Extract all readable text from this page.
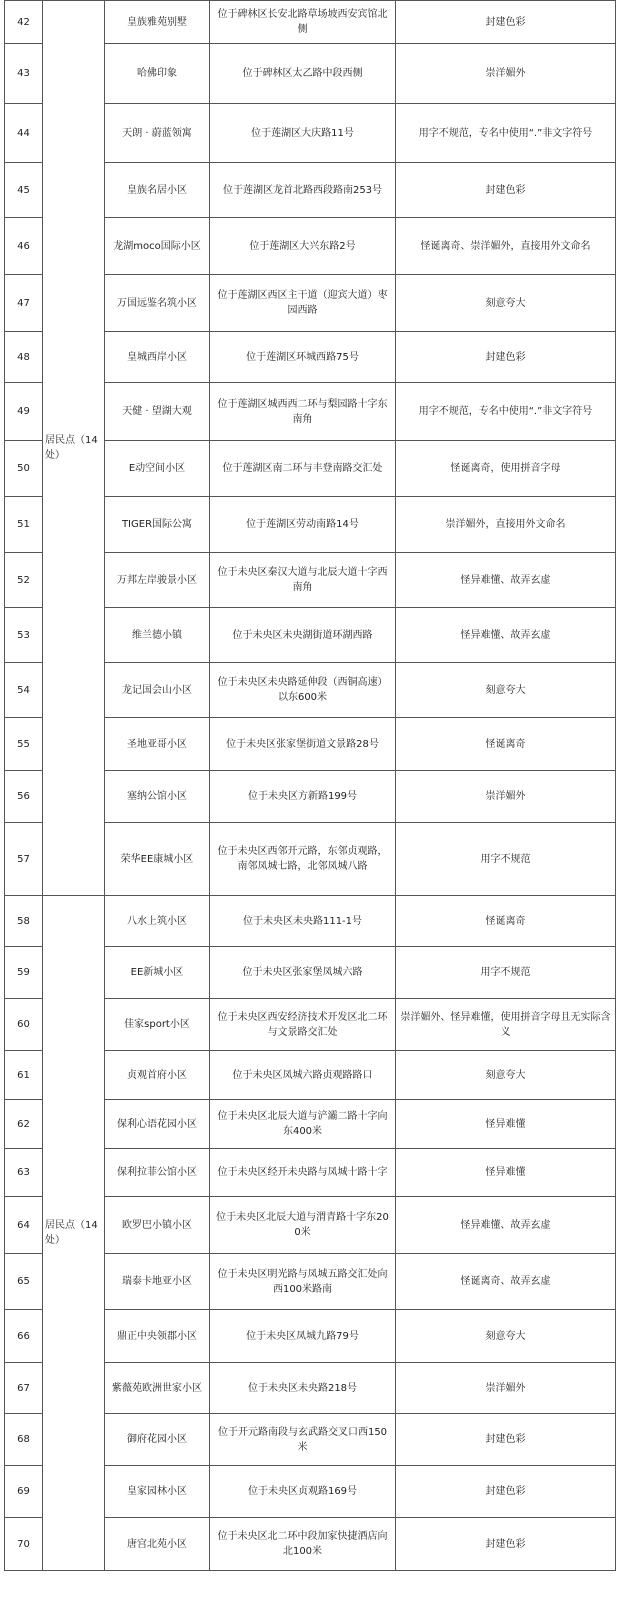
42	居民点（14处）	皇族雅苑别墅	位于碑林区长安北路草场坡西安宾馆北侧	封建色彩
43		哈佛印象	位于碑林区太乙路中段西侧	崇洋媚外
44		天朗 · 蔚蓝领寓	位于莲湖区大庆路11号	用字不规范，专名中使用“.”非文字符号
45		皇族名居小区	位于莲湖区龙首北路西段路南253号	封建色彩
46		龙湖moco国际小区	位于莲湖区大兴东路2号	怪诞离奇、崇洋媚外，直接用外文命名
47		万国远鉴名筑小区	位于莲湖区西区主干道（迎宾大道）枣园西路	刻意夸大
48		皇城西岸小区	位于莲湖区环城西路75号	封建色彩
49		天健 · 望湖大观	位于莲湖区城西西二环与梨园路十字东南角	用字不规范，专名中使用“.”非文字符号
50		E动空间小区	位于莲湖区南二环与丰登南路交汇处	怪诞离奇，使用拼音字母
51		TIGER国际公寓	位于莲湖区劳动南路14号	崇洋媚外，直接用外文命名
52		万邦左岸骏景小区	位于未央区秦汉大道与北辰大道十字西南角	怪异难懂、故弄玄虚
53		维兰德小镇	位于未央区未央湖街道环湖西路	怪异难懂、故弄玄虚
54		龙记国会山小区	位于未央区未央路延伸段（西铜高速）以东600米	刻意夸大
55		圣地亚哥小区	位于未央区张家堡街道文景路28号	怪诞离奇
56		塞纳公馆小区	位于未央区方新路199号	崇洋媚外
57		荣华EE康城小区	位于未央区西邻开元路，东邻贞观路，南邻凤城七路，北邻凤城八路	用字不规范
58	居民点（14处）	八水上筑小区	位于未央区未央路111-1号	怪诞离奇
59		EE新城小区	位于未央区张家堡凤城六路	用字不规范
60		佳家sport小区	位于未央区西安经济技术开发区北二环与文景路交汇处	崇洋媚外、怪异难懂，使用拼音字母且无实际含义
61		贞观首府小区	位于未央区凤城六路贞观路路口	刻意夸大
62		保利心语花园小区	位于未央区北辰大道与浐灞二路十字向东400米	怪异难懂
63		保利拉菲公馆小区	位于未央区经开未央路与凤城十路十字	怪异难懂
64		欧罗巴小镇小区	位于未央区北辰大道与渭青路十字东200米	怪异难懂、故弄玄虚
65		瑞泰卡地亚小区	位于未央区明光路与凤城五路交汇处向西100米路南	怪诞离奇、故弄玄虚
66		鼎正中央领郡小区	位于未央区凤城九路79号	刻意夸大
67		紫薇苑欧洲世家小区	位于未央区未央路218号	崇洋媚外
68		御府花园小区	位于开元路南段与玄武路交叉口西150米	封建色彩
69		皇家园林小区	位于未央区贞观路169号	封建色彩
70		唐宫北苑小区	位于未央区北二环中段加家快捷酒店向北100米	封建色彩
